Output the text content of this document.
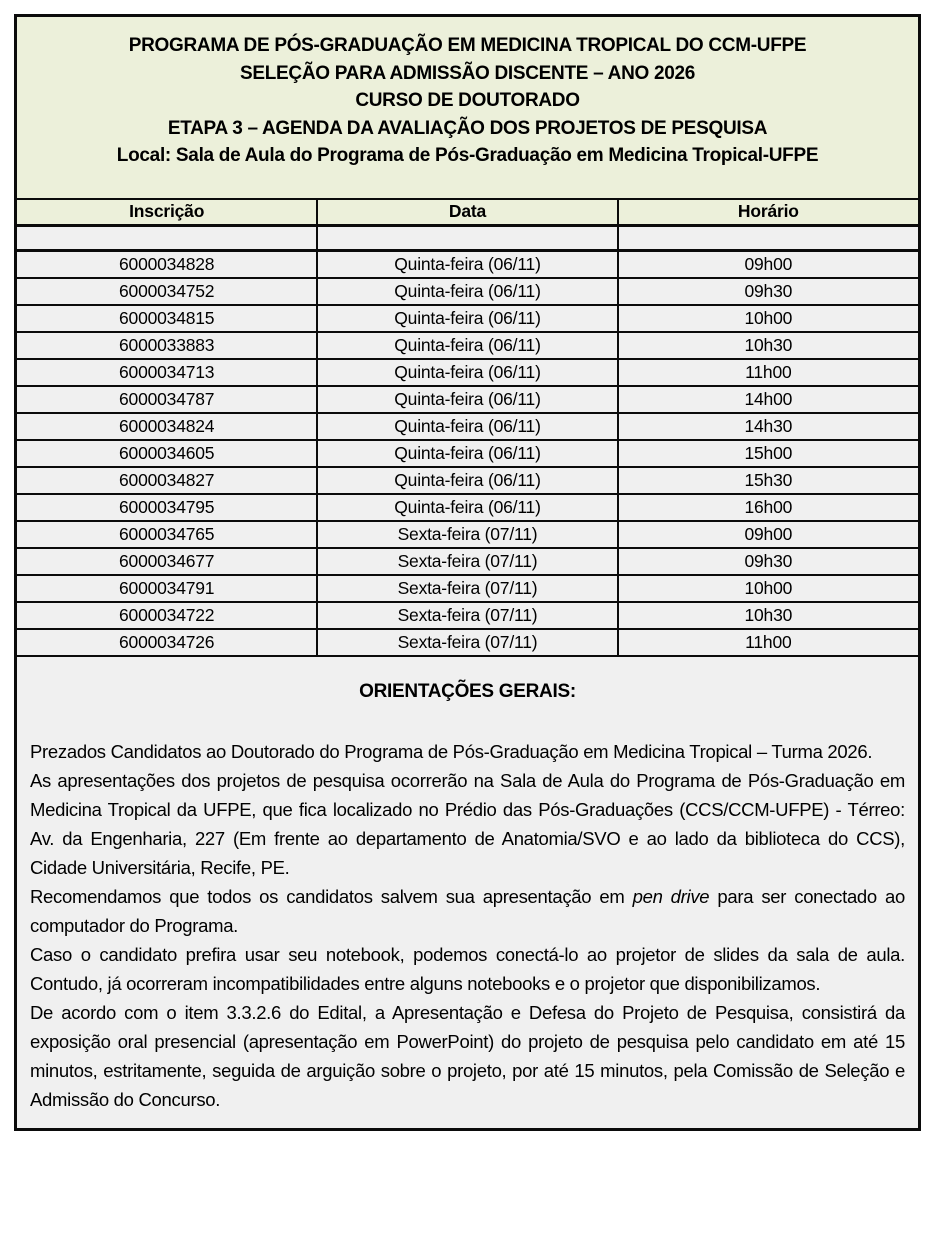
PROGRAMA DE PÓS-GRADUAÇÃO EM MEDICINA TROPICAL DO CCM-UFPE
SELEÇÃO PARA ADMISSÃO DISCENTE – ANO 2026
CURSO DE DOUTORADO
ETAPA 3 – AGENDA DA AVALIAÇÃO DOS PROJETOS DE PESQUISA
Local: Sala de Aula do Programa de Pós-Graduação em Medicina Tropical-UFPE
Inscrição	Data	Horário

6000034828	Quinta-feira (06/11)	09h00
6000034752	Quinta-feira (06/11)	09h30
6000034815	Quinta-feira (06/11)	10h00
6000033883	Quinta-feira (06/11)	10h30
6000034713	Quinta-feira (06/11)	11h00
6000034787	Quinta-feira (06/11)	14h00
6000034824	Quinta-feira (06/11)	14h30
6000034605	Quinta-feira (06/11)	15h00
6000034827	Quinta-feira (06/11)	15h30
6000034795	Quinta-feira (06/11)	16h00
6000034765	Sexta-feira (07/11)	09h00
6000034677	Sexta-feira (07/11)	09h30
6000034791	Sexta-feira (07/11)	10h00
6000034722	Sexta-feira (07/11)	10h30
6000034726	Sexta-feira (07/11)	11h00
ORIENTAÇÕES GERAIS:

Prezados Candidatos ao Doutorado do Programa de Pós-Graduação em Medicina Tropical – Turma 2026.

As apresentações dos projetos de pesquisa ocorrerão na Sala de Aula do Programa de Pós-Graduação em Medicina Tropical da UFPE, que fica localizado no Prédio das Pós-Graduações (CCS/CCM-UFPE) - Térreo: Av. da Engenharia, 227 (Em frente ao departamento de Anatomia/SVO e ao lado da biblioteca do CCS), Cidade Universitária, Recife, PE.

Recomendamos que todos os candidatos salvem sua apresentação em pen drive para ser conectado ao computador do Programa.

Caso o candidato prefira usar seu notebook, podemos conectá-lo ao projetor de slides da sala de aula. Contudo, já ocorreram incompatibilidades entre alguns notebooks e o projetor que disponibilizamos.

De acordo com o item 3.3.2.6 do Edital, a Apresentação e Defesa do Projeto de Pesquisa, consistirá da exposição oral presencial (apresentação em PowerPoint) do projeto de pesquisa pelo candidato em até 15 minutos, estritamente, seguida de arguição sobre o projeto, por até 15 minutos, pela Comissão de Seleção e Admissão do Concurso.
